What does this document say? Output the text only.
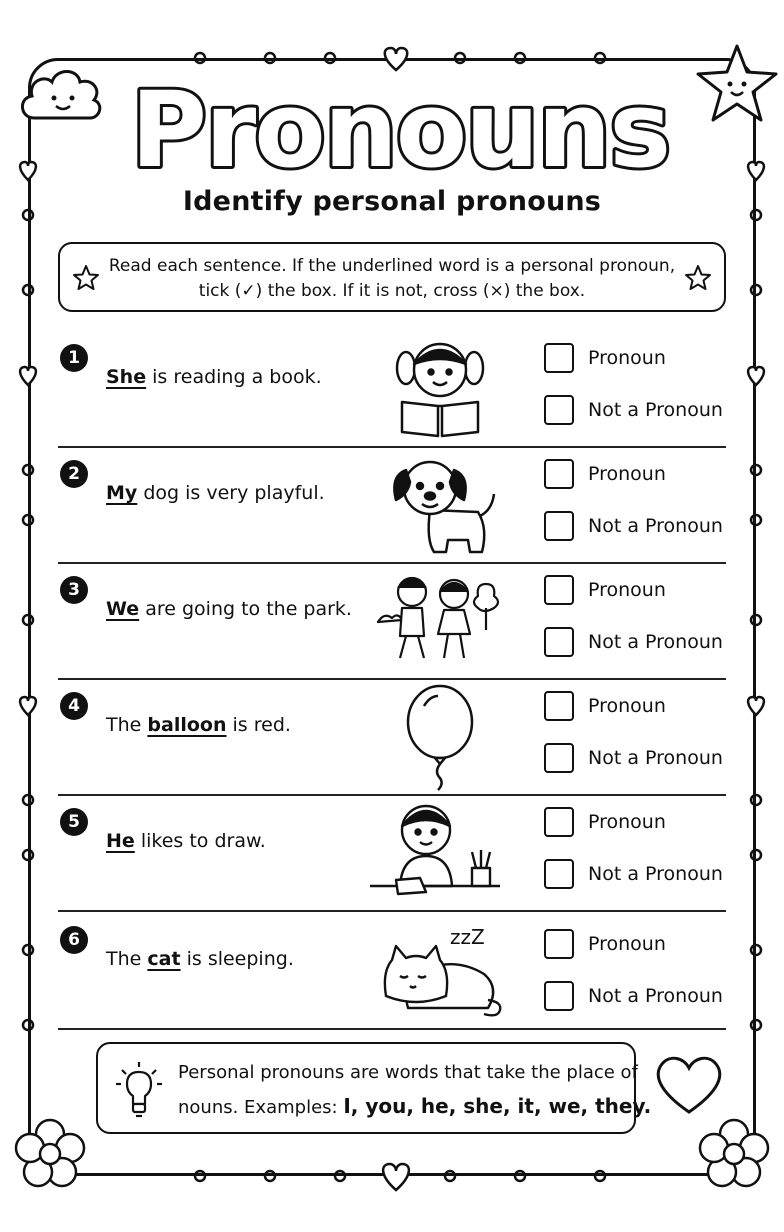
Pronouns
Identify personal pronouns
Read each sentence. If the underlined word is a personal pronoun,
tick (✓) the box. If it is not, cross (×) the box.
1
She is reading a book.
Pronoun
Not a Pronoun
2
My dog is very playful.
Pronoun
Not a Pronoun
3
We are going to the park.
Pronoun
Not a Pronoun
4
The balloon is red.
Pronoun
Not a Pronoun
5
He likes to draw.
Pronoun
Not a Pronoun
6
The cat is sleeping.
zzZ	Pronoun
Not a Pronoun
Personal pronouns are words that take the place of
nouns. Examples: I, you, he, she, it, we, they.
